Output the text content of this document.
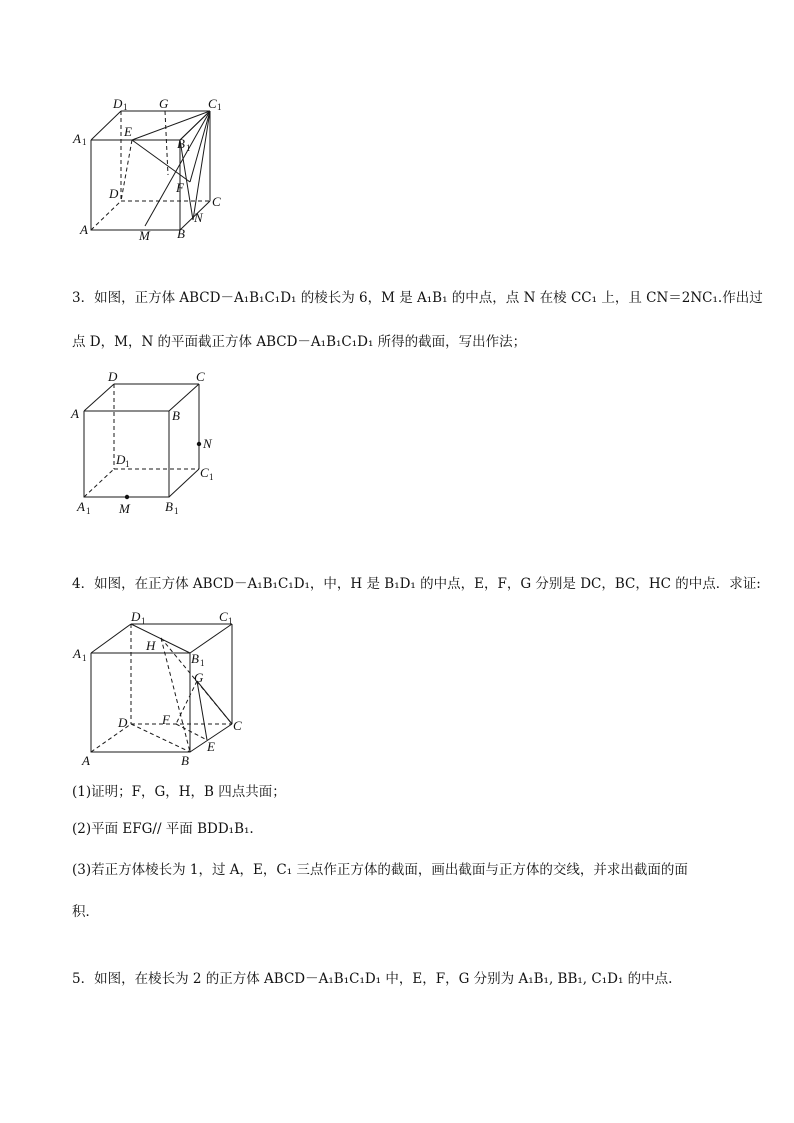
D 1 G	C 1
A 1
E
B 1
D	F
C
N
A	M B
3．如图，正方体 ABCD－A₁B₁C₁D₁ 的棱长为 6，M 是 A₁B₁ 的中点，点 N 在棱 CC₁ 上，且 CN＝2NC₁.作出过
点 D，M，N 的平面截正方体 ABCD－A₁B₁C₁D₁ 所得的截面，写出作法；
D	C
A	B
N
D 1
C 1
A 1 M	B 1
4．如图，在正方体 ABCD－A₁B₁C₁D₁，中，H 是 B₁D₁ 的中点，E，F，G 分别是 DC，BC，HC 的中点．求证:
D 1	C 1
A 1
H
B 1
G
D	F	C
E
A	B
(1)证明；F，G，H，B 四点共面；
(2)平面 EFG// 平面 BDD₁B₁.
(3)若正方体棱长为 1，过 A，E，C₁ 三点作正方体的截面，画出截面与正方体的交线，并求出截面的面
积．
5．如图，在棱长为 2 的正方体 ABCD－A₁B₁C₁D₁ 中，E，F，G 分别为 A₁B₁, BB₁, C₁D₁ 的中点.
